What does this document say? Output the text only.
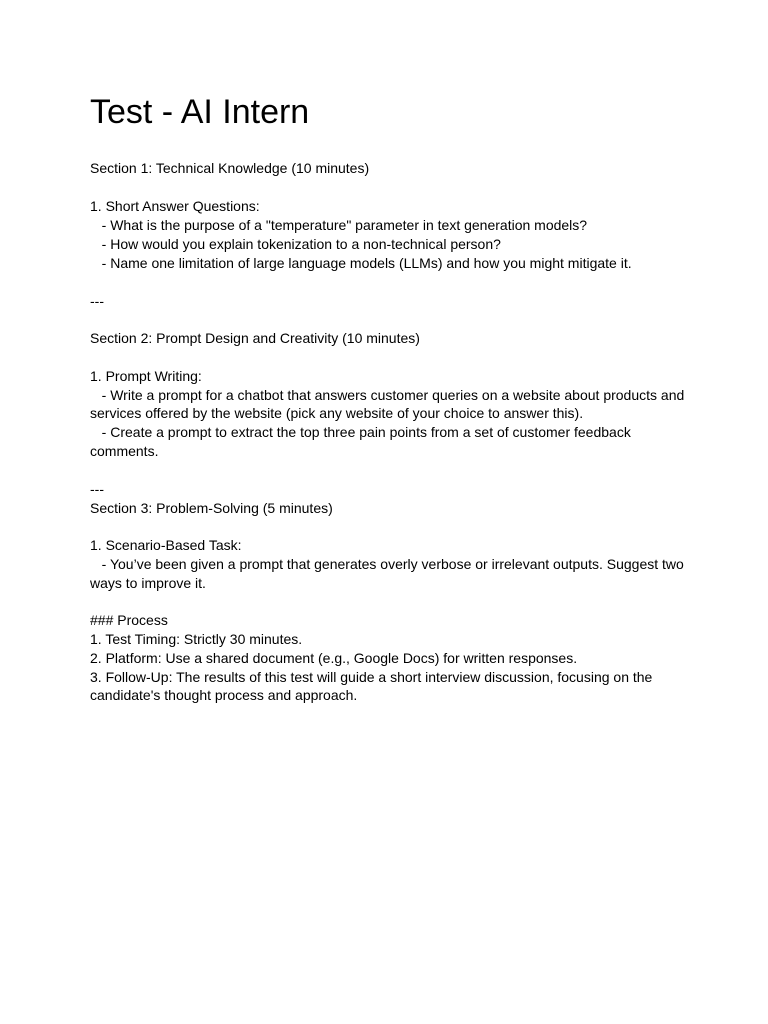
Test - AI Intern
Section 1: Technical Knowledge (10 minutes)
1. Short Answer Questions:
- What is the purpose of a "temperature" parameter in text generation models?
- How would you explain tokenization to a non-technical person?
- Name one limitation of large language models (LLMs) and how you might mitigate it.
---
Section 2: Prompt Design and Creativity (10 minutes)
1. Prompt Writing:
- Write a prompt for a chatbot that answers customer queries on a website about products and
services offered by the website (pick any website of your choice to answer this).
- Create a prompt to extract the top three pain points from a set of customer feedback
comments.
---
Section 3: Problem-Solving (5 minutes)
1. Scenario-Based Task:
- You’ve been given a prompt that generates overly verbose or irrelevant outputs. Suggest two
ways to improve it.
### Process
1. Test Timing: Strictly 30 minutes.
2. Platform: Use a shared document (e.g., Google Docs) for written responses.
3. Follow-Up: The results of this test will guide a short interview discussion, focusing on the
candidate's thought process and approach.
